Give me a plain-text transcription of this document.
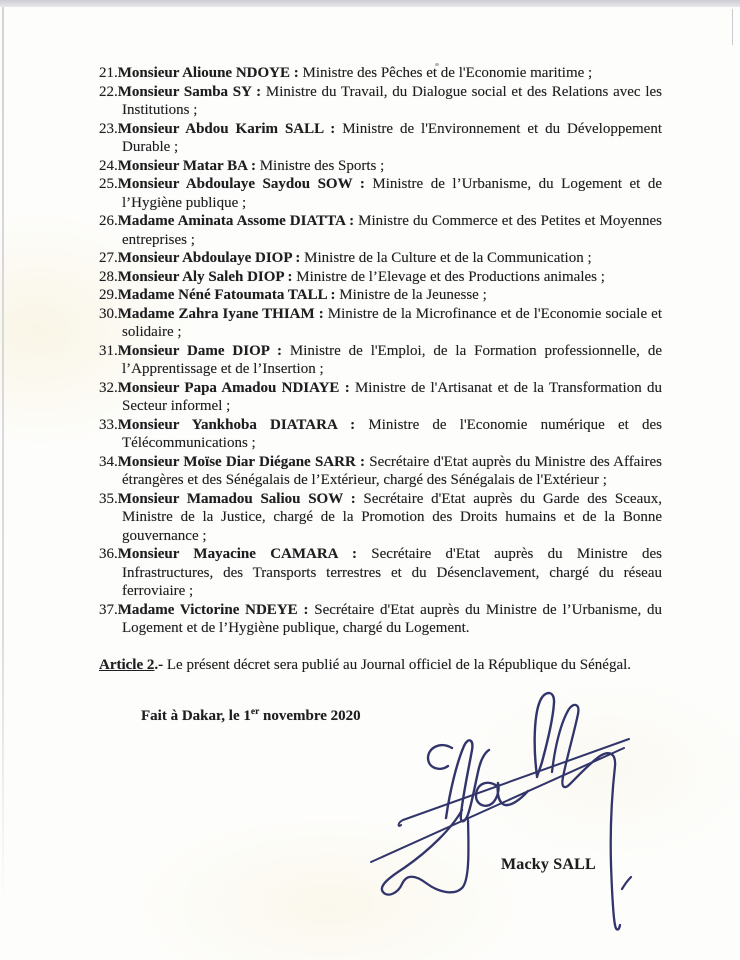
21.Monsieur Alioune NDOYE : Ministre des Pêches et de l'Economie maritime ;
22.Monsieur Samba SY : Ministre du Travail, du Dialogue social et des Relations avec les Institutions ;
23.Monsieur Abdou Karim SALL : Ministre de l'Environnement et du Développement Durable ;
24.Monsieur Matar BA : Ministre des Sports ;
25.Monsieur Abdoulaye Saydou SOW : Ministre de l’Urbanisme, du Logement et de l’Hygiène publique ;
26.Madame Aminata Assome DIATTA : Ministre du Commerce et des Petites et Moyennes entreprises ;
27.Monsieur Abdoulaye DIOP : Ministre de la Culture et de la Communication ;
28.Monsieur Aly Saleh DIOP : Ministre de l’Elevage et des Productions animales ;
29.Madame Néné Fatoumata TALL : Ministre de la Jeunesse ;
30.Madame Zahra Iyane THIAM : Ministre de la Microfinance et de l'Economie sociale et solidaire ;
31.Monsieur Dame DIOP : Ministre de l'Emploi, de la Formation professionnelle, de l’Apprentissage et de l’Insertion ;
32.Monsieur Papa Amadou NDIAYE : Ministre de l'Artisanat et de la Transformation du Secteur informel ;
33.Monsieur Yankhoba DIATARA : Ministre de l'Economie numérique et des Télécommunications ;
34.Monsieur Moïse Diar Diégane SARR : Secrétaire d'Etat auprès du Ministre des Affaires étrangères et des Sénégalais de l’Extérieur, chargé des Sénégalais de l'Extérieur ;
35.Monsieur Mamadou Saliou SOW : Secrétaire d'Etat auprès du Garde des Sceaux, Ministre de la Justice, chargé de la Promotion des Droits humains et de la Bonne gouvernance ;
36.Monsieur Mayacine CAMARA : Secrétaire d'Etat auprès du Ministre des Infrastructures, des Transports terrestres et du Désenclavement, chargé du réseau ferroviaire ;
37.Madame Victorine NDEYE : Secrétaire d'Etat auprès du Ministre de l’Urbanisme, du Logement et de l’Hygiène publique, chargé du Logement.

Article 2.- Le présent décret sera publié au Journal officiel de la République du Sénégal.

Fait à Dakar, le 1er novembre 2020

Macky SALL
